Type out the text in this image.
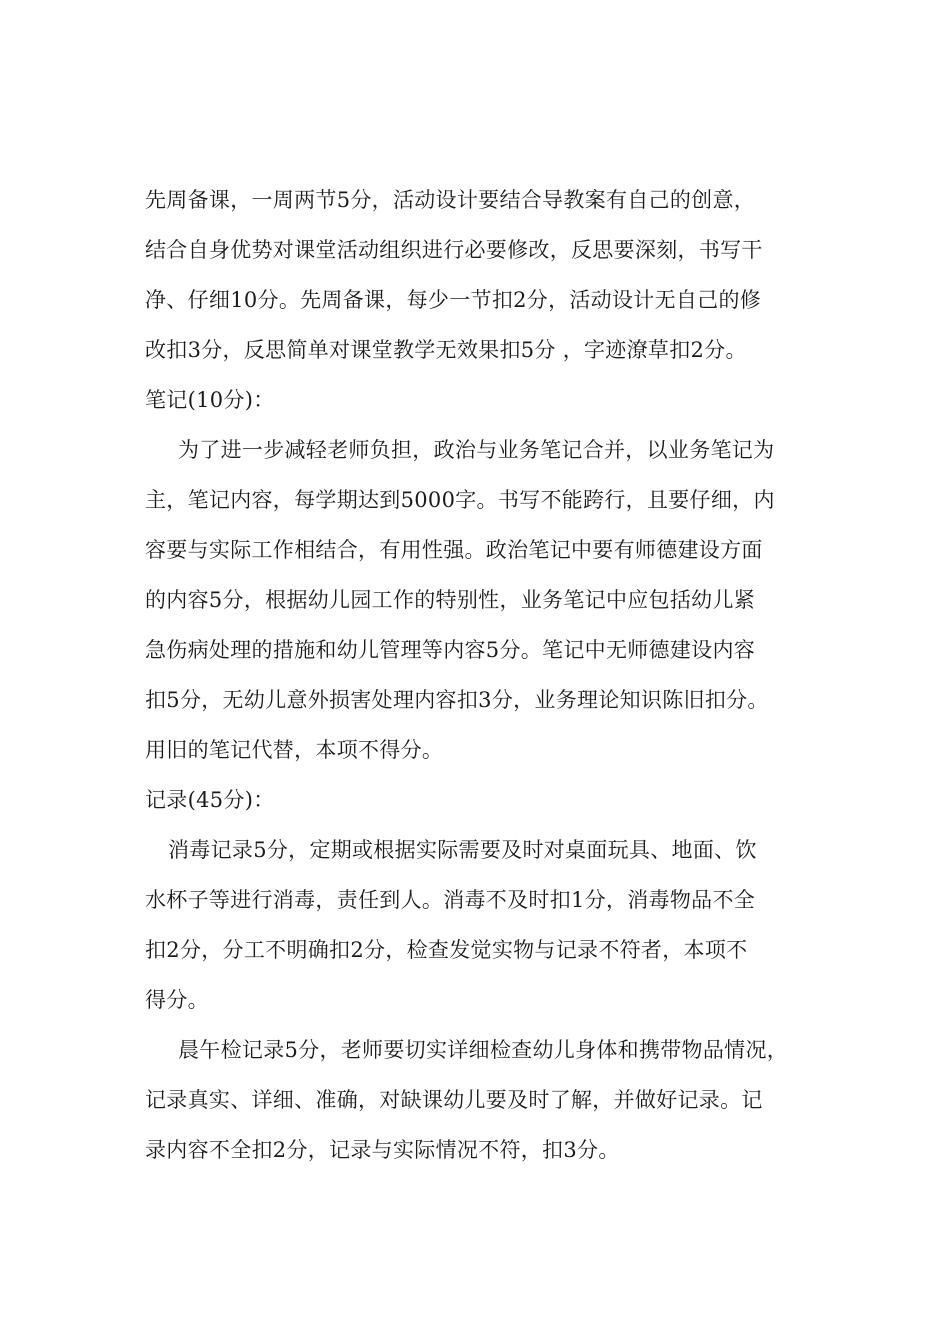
先周备课，一周两节5分，活动设计要结合导教案有自己的创意，
结合自身优势对课堂活动组织进行必要修改，反思要深刻，书写干
净、仔细10分。先周备课，每少一节扣2分，活动设计无自己的修
改扣3分，反思简单对课堂教学无效果扣5分 ，字迹潦草扣2分。
笔记(10分)：
为了进一步减轻老师负担，政治与业务笔记合并，以业务笔记为
主，笔记内容，每学期达到5000字。书写不能跨行，且要仔细，内
容要与实际工作相结合，有用性强。政治笔记中要有师德建设方面
的内容5分，根据幼儿园工作的特别性，业务笔记中应包括幼儿紧
急伤病处理的措施和幼儿管理等内容5分。笔记中无师德建设内容
扣5分，无幼儿意外损害处理内容扣3分，业务理论知识陈旧扣分。
用旧的笔记代替，本项不得分。
记录(45分)：
消毒记录5分，定期或根据实际需要及时对桌面玩具、地面、饮
水杯子等进行消毒，责任到人。消毒不及时扣1分，消毒物品不全
扣2分，分工不明确扣2分，检查发觉实物与记录不符者，本项不
得分。
晨午检记录5分，老师要切实详细检查幼儿身体和携带物品情况，
记录真实、详细、准确，对缺课幼儿要及时了解，并做好记录。记
录内容不全扣2分，记录与实际情况不符，扣3分。
